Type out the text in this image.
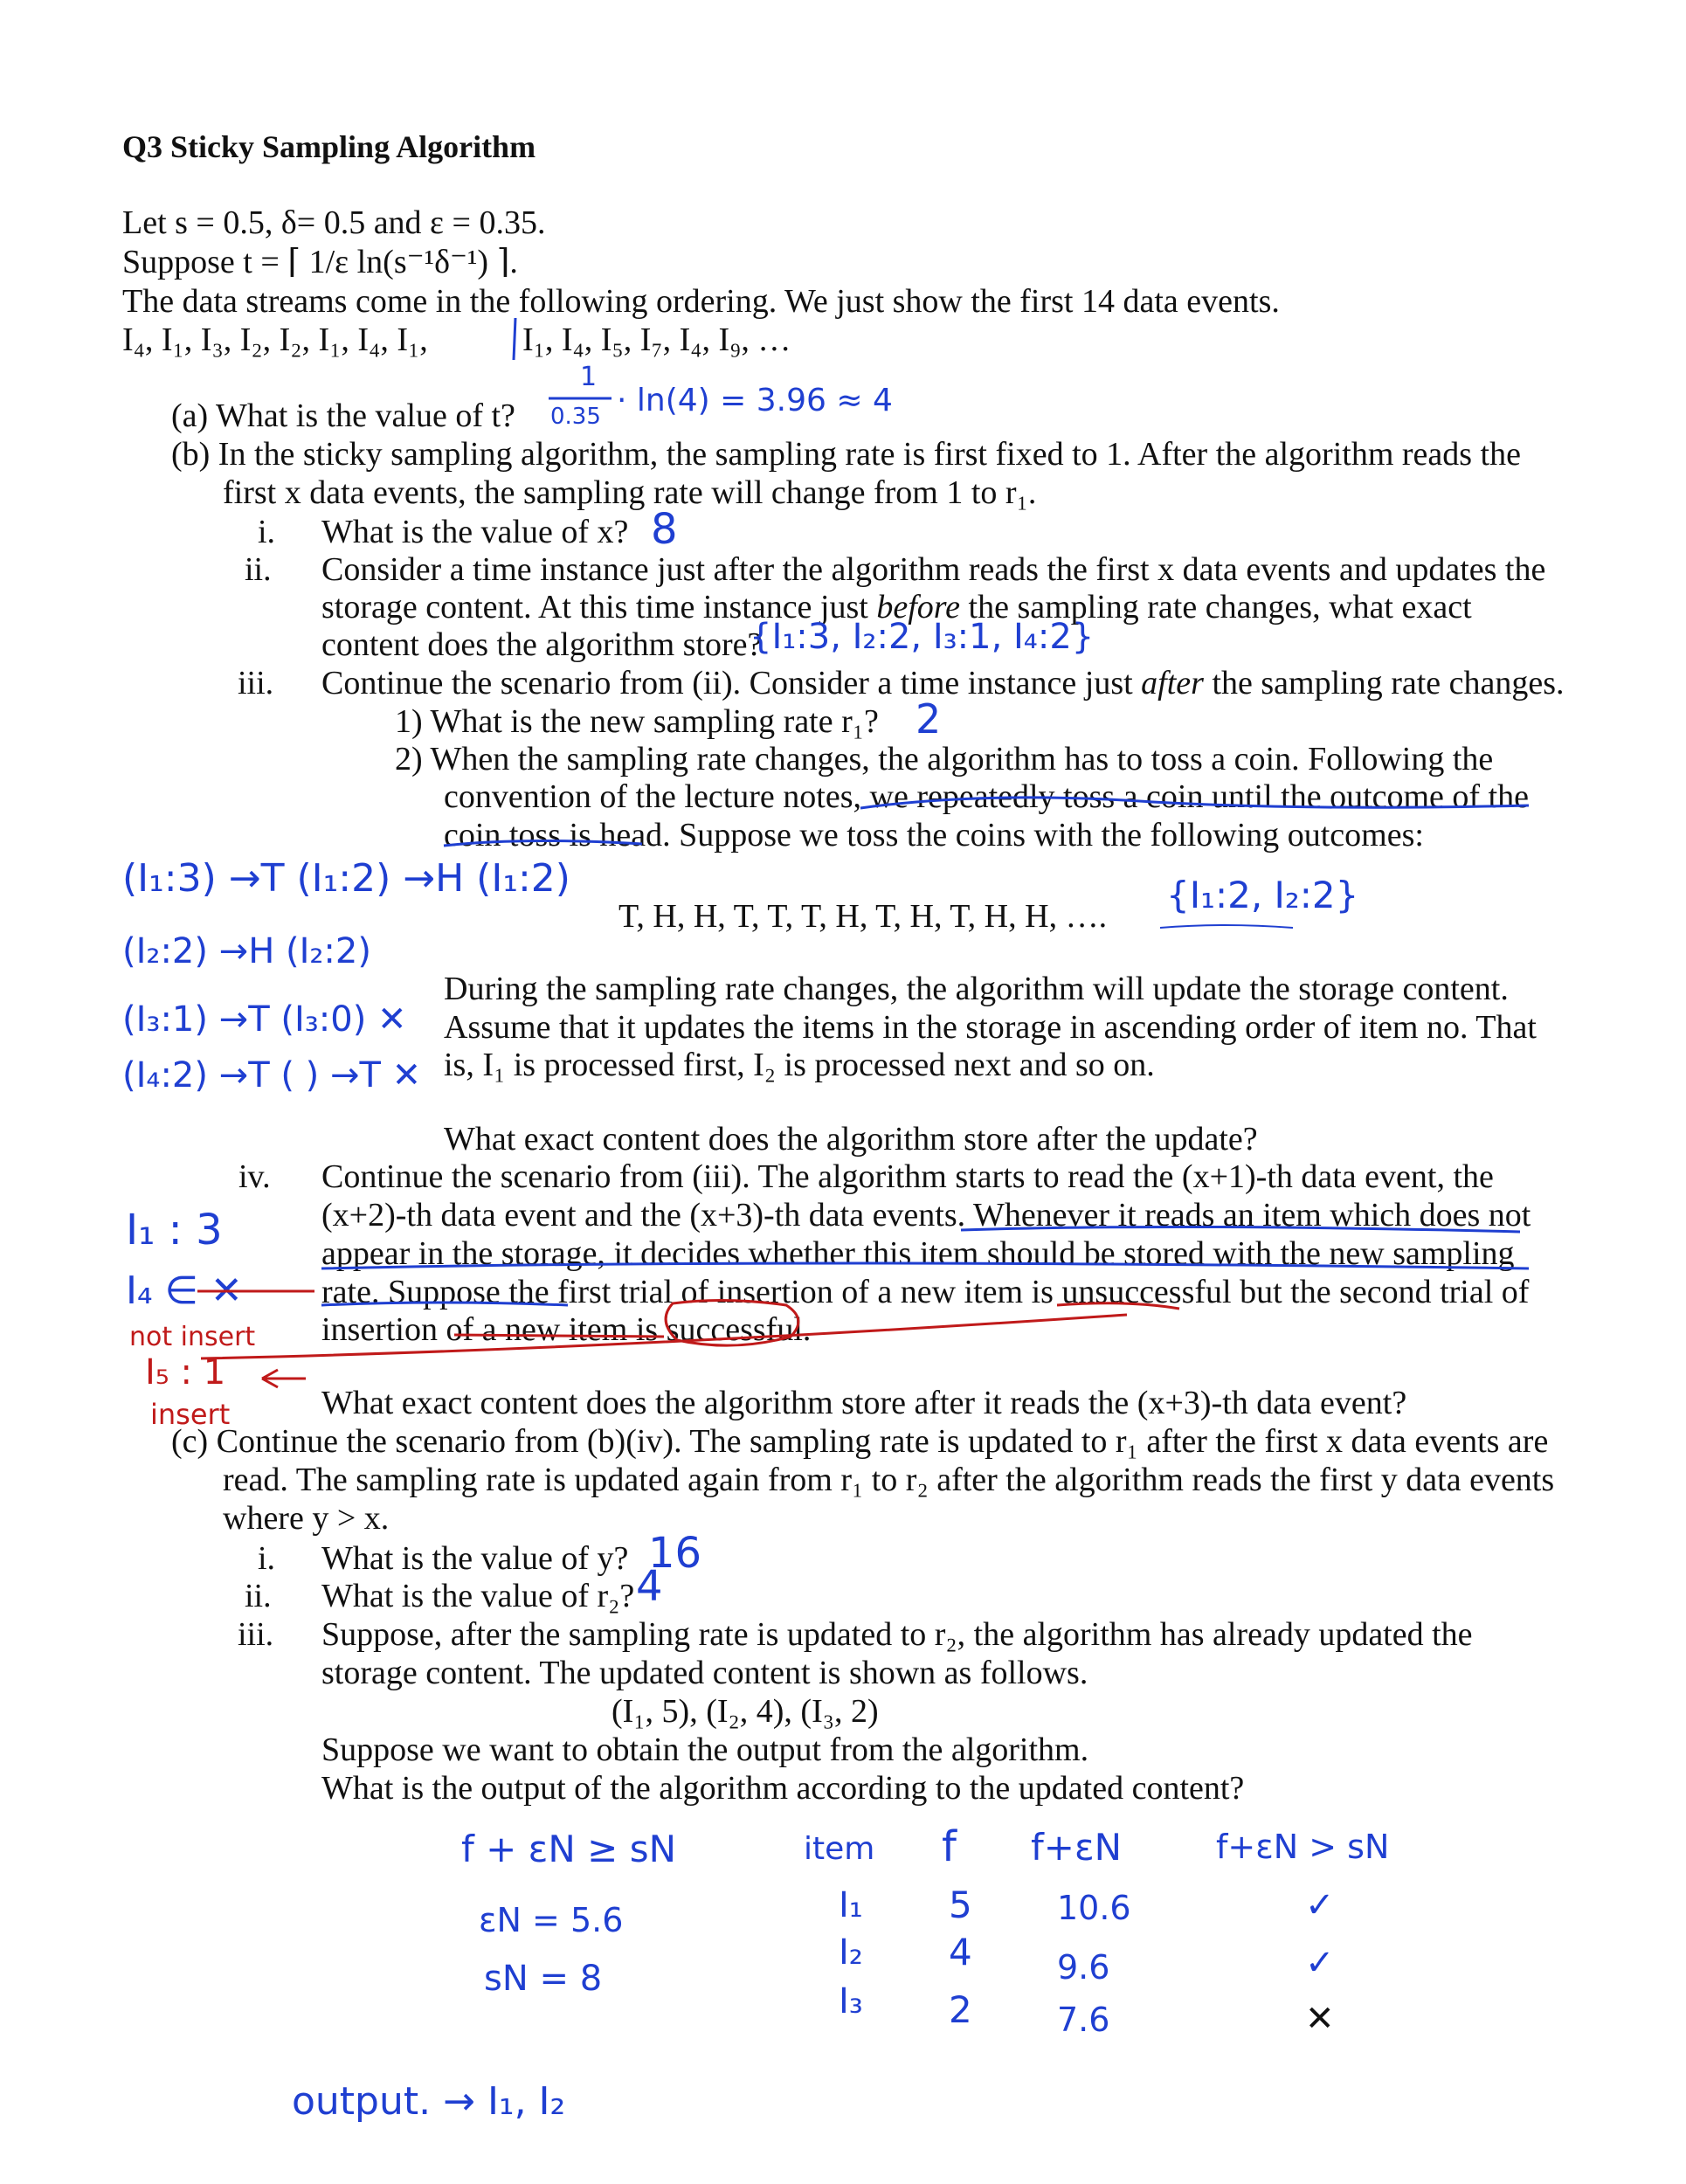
Q3 Sticky Sampling Algorithm
Let s = 0.5, δ= 0.5 and ε = 0.35.
Suppose t = ⌈ 1/ε ln(s⁻¹δ⁻¹) ⌉.
The data streams come in the following ordering. We just show the first 14 data events.
I₄, I₁, I₃, I₂, I₂, I₁, I₄, I₁,	I₁, I₄, I₅, I₇, I₄, I₉, …
(a) What is the value of t?
(b) In the sticky sampling algorithm, the sampling rate is first fixed to 1. After the algorithm reads the
first x data events, the sampling rate will change from 1 to r₁.
i. What is the value of x?
ii. Consider a time instance just after the algorithm reads the first x data events and updates the
storage content. At this time instance just before the sampling rate changes, what exact
content does the algorithm store?
iii. Continue the scenario from (ii). Consider a time instance just after the sampling rate changes.
1) What is the new sampling rate r₁?
2) When the sampling rate changes, the algorithm has to toss a coin. Following the
convention of the lecture notes, we repeatedly toss a coin until the outcome of the
coin toss is head. Suppose we toss the coins with the following outcomes:
T, H, H, T, T, T, H, T, H, T, H, H, ….
During the sampling rate changes, the algorithm will update the storage content.
Assume that it updates the items in the storage in ascending order of item no. That
is, I₁ is processed first, I₂ is processed next and so on.
What exact content does the algorithm store after the update?
iv. Continue the scenario from (iii). The algorithm starts to read the (x+1)-th data event, the
(x+2)-th data event and the (x+3)-th data events. Whenever it reads an item which does not
appear in the storage, it decides whether this item should be stored with the new sampling
rate. Suppose the first trial of insertion of a new item is unsuccessful but the second trial of
insertion of a new item is successful.
What exact content does the algorithm store after it reads the (x+3)-th data event?
(c) Continue the scenario from (b)(iv). The sampling rate is updated to r₁ after the first x data events are
read. The sampling rate is updated again from r₁ to r₂ after the algorithm reads the first y data events
where y > x.
i. What is the value of y?
ii. What is the value of r₂?
iii. Suppose, after the sampling rate is updated to r₂, the algorithm has already updated the
storage content. The updated content is shown as follows.
(I₁, 5), (I₂, 4), (I₃, 2)
Suppose we want to obtain the output from the algorithm.
What is the output of the algorithm according to the updated content?
1
0.35 · ln(4) = 3.96 ≈ 4
8
{I₁:3, I₂:2, I₃:1, I₄:2}
2
{I₁:2, I₂:2}
(I₁:3) →T (I₁:2) →H (I₁:2)
(I₂:2) →H (I₂:2)
(I₃:1) →T (I₃:0) ✕
(I₄:2) →T ( ) →T ✕
I₁ : 3
I₄ ∈ ✕
not insert
I₅ : 1
insert
16
4
f + εN ≥ sN
εN = 5.6
sN = 8
item f f+εN	f+εN > sN
I₁ 5	10.6	✓
I₂ 4	9.6	✓
I₃ 2	7.6	✕
output. → I₁, I₂
